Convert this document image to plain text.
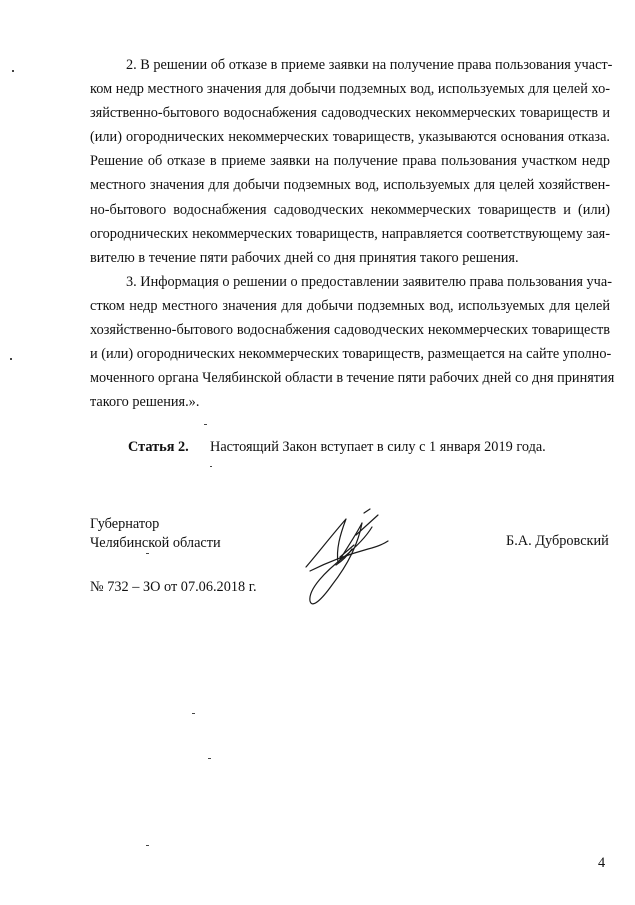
2. В решении об отказе в приеме заявки на получение права пользования участ-
ком недр местного значения для добычи подземных вод, используемых для целей хо-
зяйственно-бытового водоснабжения садоводческих некоммерческих товариществ и
(или) огороднических некоммерческих товариществ, указываются основания отказа.
Решение об отказе в приеме заявки на получение права пользования участком недр
местного значения для добычи подземных вод, используемых для целей хозяйствен-
но-бытового водоснабжения садоводческих некоммерческих товариществ и (или)
огороднических некоммерческих товариществ, направляется соответствующему зая-
вителю в течение пяти рабочих дней со дня принятия такого решения.
3. Информация о решении о предоставлении заявителю права пользования уча-
стком недр местного значения для добычи подземных вод, используемых для целей
хозяйственно-бытового водоснабжения садоводческих некоммерческих товариществ
и (или) огороднических некоммерческих товариществ, размещается на сайте уполно-
моченного органа Челябинской области в течение пяти рабочих дней со дня принятия
такого решения.».
Статья 2. Настоящий Закон вступает в силу с 1 января 2019 года.
Губернатор
Челябинской области	Б.А. Дубровский
№ 732 – ЗО от 07.06.2018 г.
4
